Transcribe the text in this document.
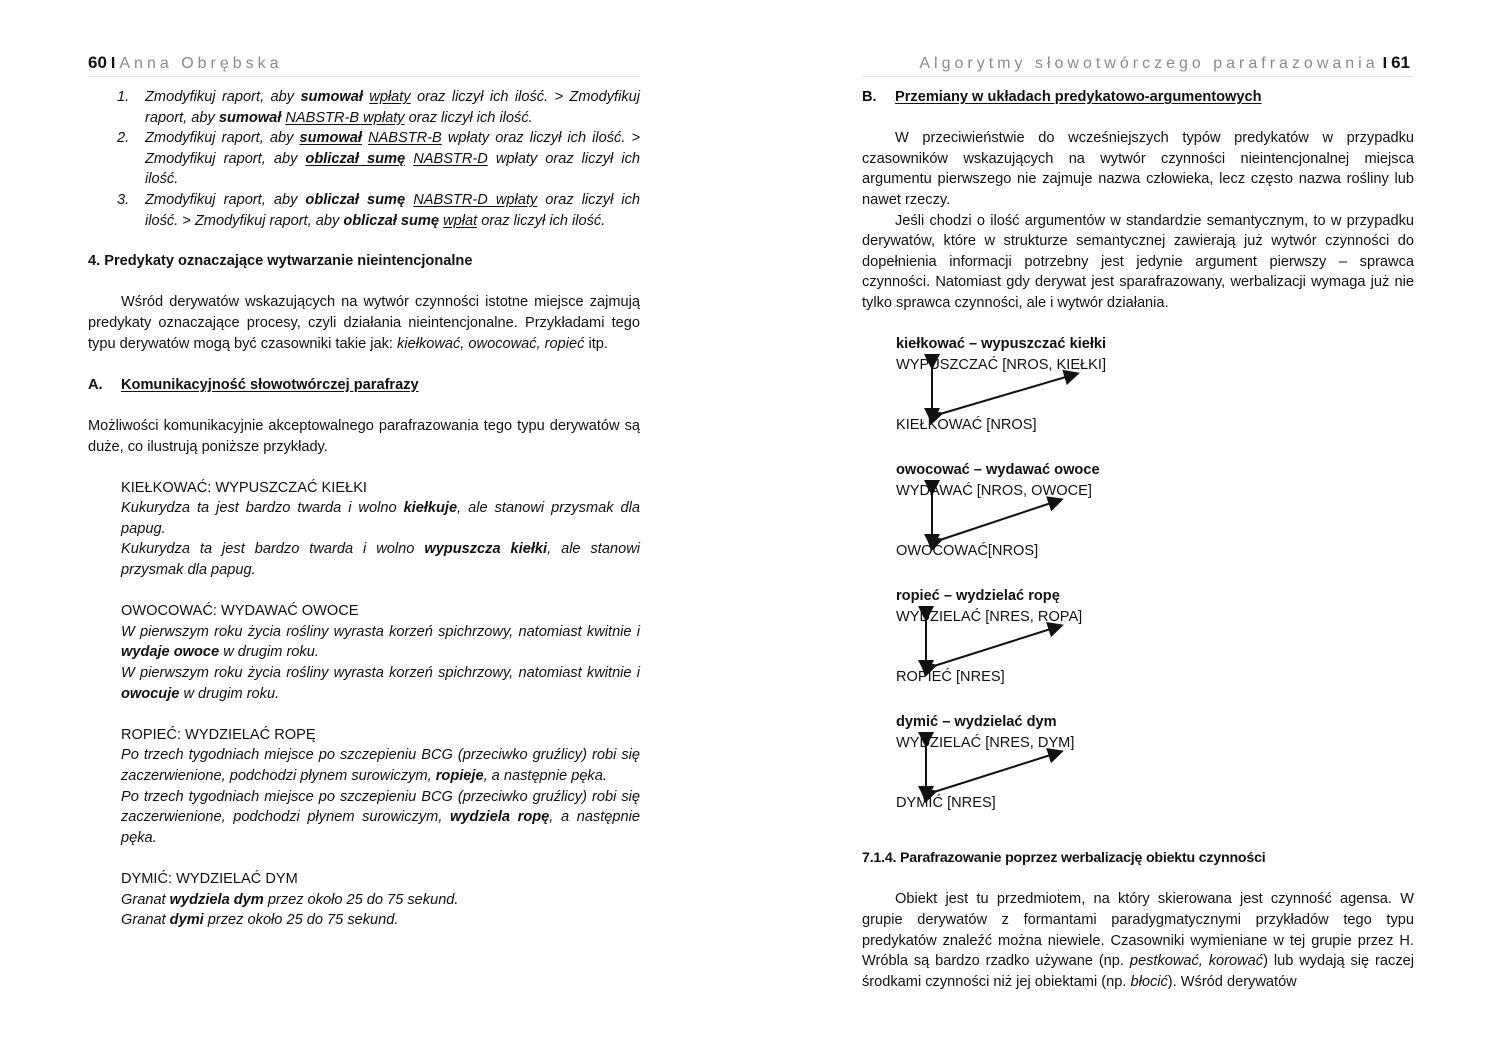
60 I Anna Obrębska
1. Zmodyfikuj raport, aby sumował wpłaty oraz liczył ich ilość. > Zmodyfikuj raport, aby sumował NABSTR-B wpłaty oraz liczył ich ilość.
2. Zmodyfikuj raport, aby sumował NABSTR-B wpłaty oraz liczył ich ilość. > Zmodyfikuj raport, aby obliczał sumę NABSTR-D wpłaty oraz liczył ich ilość.
3. Zmodyfikuj raport, aby obliczał sumę NABSTR-D wpłaty oraz liczył ich ilość. > Zmodyfikuj raport, aby obliczał sumę wpłat oraz liczył ich ilość.

4. Predykaty oznaczające wytwarzanie nieintencjonalne

Wśród derywatów wskazujących na wytwór czynności istotne miejsce zajmują predykaty oznaczające procesy, czyli działania nieintencjonalne. Przykładami tego typu derywatów mogą być czasowniki takie jak: kiełkować, owocować, ropieć itp.

A.	Komunikacyjność słowotwórczej parafrazy

Możliwości komunikacyjnie akceptowalnego parafrazowania tego typu derywatów są duże, co ilustrują poniższe przykłady.

KIEŁKOWAĆ: WYPUSZCZAĆ KIEŁKI

Kukurydza ta jest bardzo twarda i wolno kiełkuje, ale stanowi przysmak dla papug.

Kukurydza ta jest bardzo twarda i wolno wypuszcza kiełki, ale stanowi przysmak dla papug.

OWOCOWAĆ: WYDAWAĆ OWOCE

W pierwszym roku życia rośliny wyrasta korzeń spichrzowy, natomiast kwitnie i wydaje owoce w drugim roku.

W pierwszym roku życia rośliny wyrasta korzeń spichrzowy, natomiast kwitnie i owocuje w drugim roku.

ROPIEĆ: WYDZIELAĆ ROPĘ

Po trzech tygodniach miejsce po szczepieniu BCG (przeciwko gruźlicy) robi się zaczerwienione, podchodzi płynem surowiczym, ropieje, a następnie pęka.

Po trzech tygodniach miejsce po szczepieniu BCG (przeciwko gruźlicy) robi się zaczerwienione, podchodzi płynem surowiczym, wydziela ropę, a następnie pęka.

DYMIĆ: WYDZIELAĆ DYM

Granat wydziela dym przez około 25 do 75 sekund.

Granat dymi przez około 25 do 75 sekund.

Algorytmy słowotwórczego parafrazowania I 61
B.	Przemiany w układach predykatowo-argumentowych

W przeciwieństwie do wcześniejszych typów predykatów w przypadku czasowników wskazujących na wytwór czynności nieintencjonalnej miejsca argumentu pierwszego nie zajmuje nazwa człowieka, lecz często nazwa rośliny lub nawet rzeczy.

Jeśli chodzi o ilość argumentów w standardzie semantycznym, to w przypadku derywatów, które w strukturze semantycznej zawierają już wytwór czynności do dopełnienia informacji potrzebny jest jedynie argument pierwszy – sprawca czynności. Natomiast gdy derywat jest sparafrazowany, werbalizacji wymaga już nie tylko sprawca czynności, ale i wytwór działania.

kiełkować – wypuszczać kiełki
WYPUSZCZAĆ [NROS, KIEŁKI]
KIEŁKOWAĆ [NROS]
owocować – wydawać owoce
WYDAWAĆ [NROS, OWOCE]
OWOCOWAĆ[NROS]
ropieć – wydzielać ropę
WYDZIELAĆ [NRES, ROPA]
ROPIEĆ [NRES]
dymić – wydzielać dym
WYDZIELAĆ [NRES, DYM]
DYMIĆ [NRES]

7.1.4. Parafrazowanie poprzez werbalizację obiektu czynności

Obiekt jest tu przedmiotem, na który skierowana jest czynność agensa. W grupie derywatów z formantami paradygmatycznymi przykładów tego typu predykatów znaleźć można niewiele. Czasowniki wymieniane w tej grupie przez H. Wróbla są bardzo rzadko używane (np. pestkować, korować) lub wydają się raczej środkami czynności niż jej obiektami (np. błocić). Wśród derywatów
